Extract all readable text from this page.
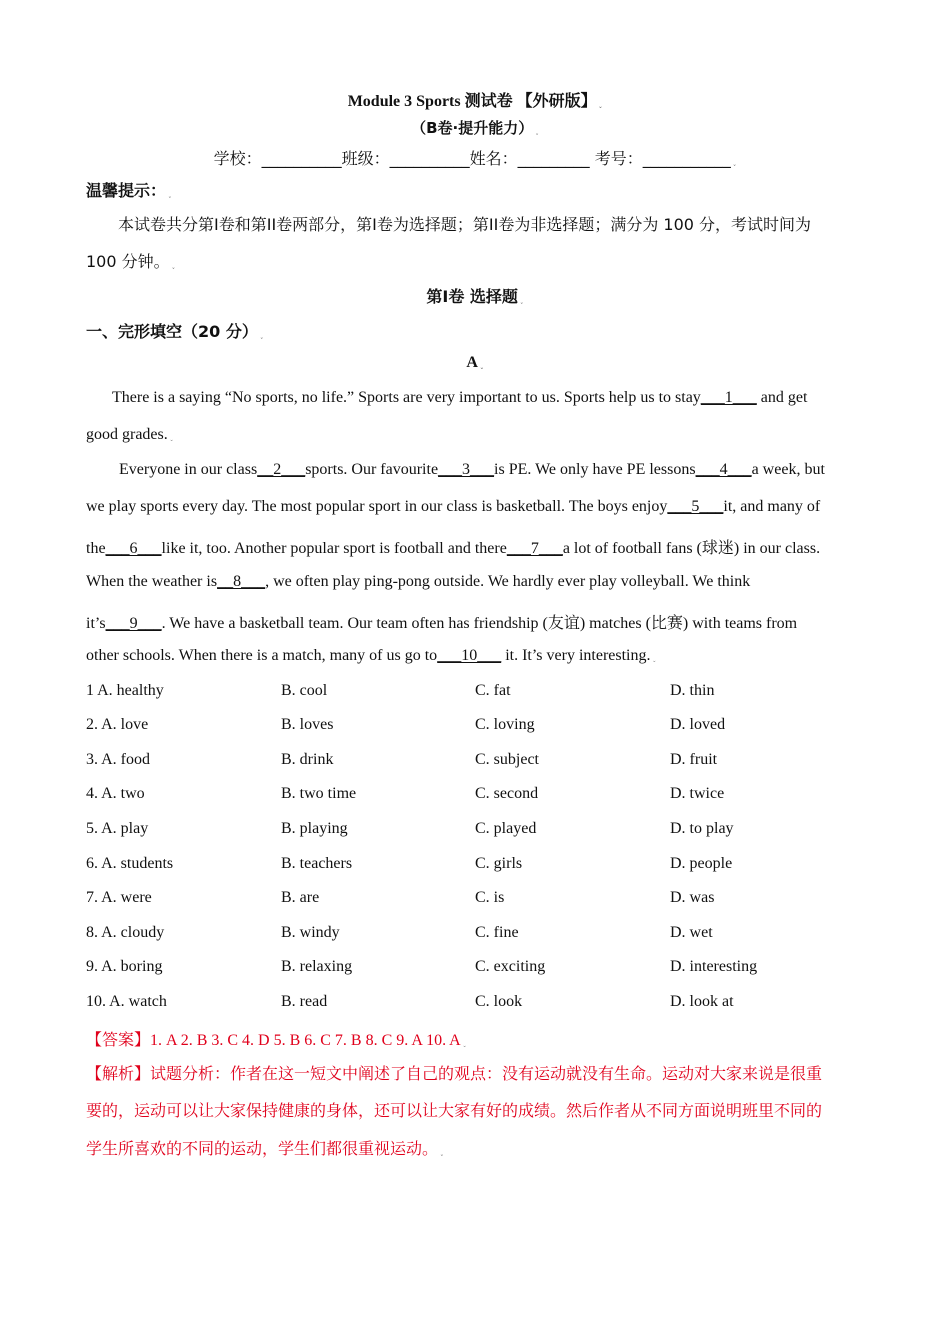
Module 3 Sports 测试卷 【外研版】 ˯
（B卷·提升能力） ˯
学校：__________班级：__________姓名：_________ 考号：___________ ˯
温馨提示： ˯
本试卷共分第I卷和第II卷两部分，第I卷为选择题；第II卷为非选择题；满分为 100 分，考试时间为
100 分钟。 ˯
第I卷 选择题 ˯
一、完形填空（20 分） ˯
A ˯
There is a saying “No sports, no life.” Sports are very important to us. Sports help us to stay___1___ and get
good grades. ˯
Everyone in our class__2___sports. Our favourite___3___is PE. We only have PE lessons___4___a week, but
we play sports every day. The most popular sport in our class is basketball. The boys enjoy___5___it, and many of
the___6___like it, too. Another popular sport is football and there___7___a lot of football fans (球迷) in our class.
When the weather is__8___, we often play ping-pong outside. We hardly ever play volleyball. We think
it’s___9___. We have a basketball team. Our team often has friendship (友谊) matches (比赛) with teams from
other schools. When there is a match, many of us go to___10___ it. It’s very interesting. ˯
1 A. healthy	B. cool	C. fat	D. thin
2. A. love	B. loves	C. loving	D. loved
3. A. food	B. drink	C. subject	D. fruit
4. A. two	B. two time	C. second	D. twice
5. A. play	B. playing	C. played	D. to play
6. A. students	B. teachers	C. girls	D. people
7. A. were	B. are	C. is	D. was
8. A. cloudy	B. windy	C. fine	D. wet
9. A. boring	B. relaxing	C. exciting	D. interesting
10. A. watch	B. read	C. look	D. look at
【答案】1. A 2. B 3. C 4. D 5. B 6. C 7. B 8. C 9. A 10. A ˯
【解析】试题分析：作者在这一短文中阐述了自己的观点：没有运动就没有生命。运动对大家来说是很重
要的，运动可以让大家保持健康的身体，还可以让大家有好的成绩。然后作者从不同方面说明班里不同的
学生所喜欢的不同的运动，学生们都很重视运动。 ˯
